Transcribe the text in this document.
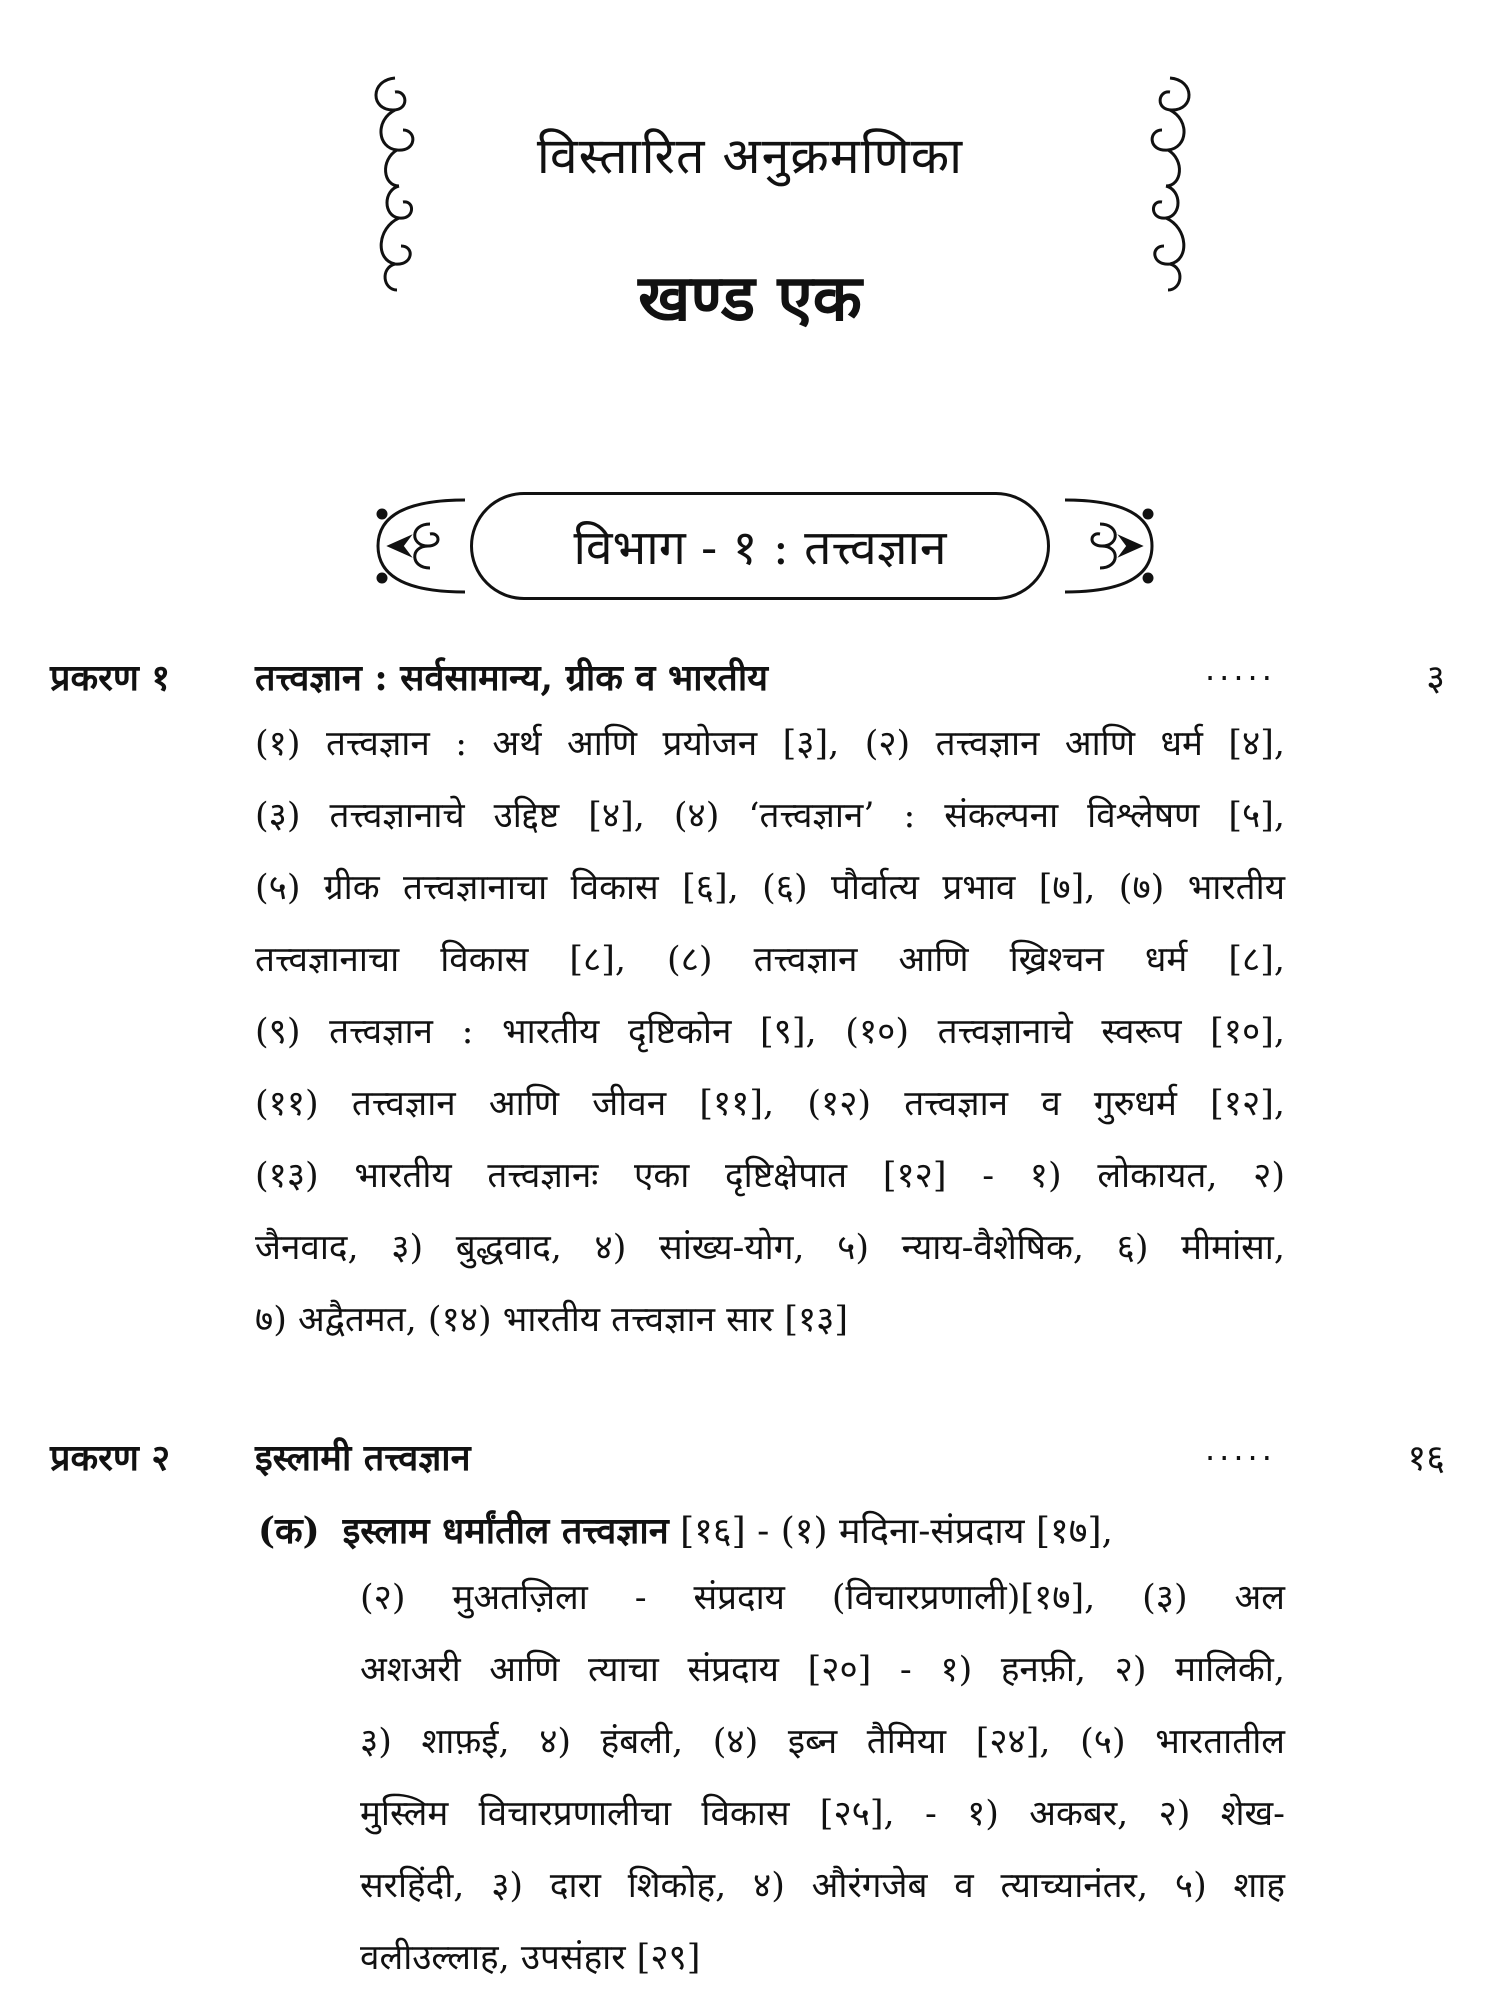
विस्तारित अनुक्रमणिका
खण्ड एक
विभाग - १ : तत्त्वज्ञान
प्रकरण १ तत्त्वज्ञान : सर्वसामान्य, ग्रीक व भारतीय	.....	३
(१) तत्त्वज्ञान : अर्थ आणि प्रयोजन [३], (२) तत्त्वज्ञान आणि धर्म [४],
(३) तत्त्वज्ञानाचे उद्दिष्ट [४], (४) ‘तत्त्वज्ञान’ : संकल्पना विश्लेषण [५],
(५) ग्रीक तत्त्वज्ञानाचा विकास [६], (६) पौर्वात्य प्रभाव [७], (७) भारतीय
तत्त्वज्ञानाचा विकास [८], (८) तत्त्वज्ञान आणि ख्रिश्चन धर्म [८],
(९) तत्त्वज्ञान : भारतीय दृष्टिकोन [९], (१०) तत्त्वज्ञानाचे स्वरूप [१०],
(११) तत्त्वज्ञान आणि जीवन [११], (१२) तत्त्वज्ञान व गुरुधर्म [१२],
(१३) भारतीय तत्त्वज्ञानः एका दृष्टिक्षेपात [१२] - १) लोकायत, २)
जैनवाद, ३) बुद्धवाद, ४) सांख्य-योग, ५) न्याय-वैशेषिक, ६) मीमांसा,
७) अद्वैतमत, (१४) भारतीय तत्त्वज्ञान सार [१३]
प्रकरण २ इस्लामी तत्त्वज्ञान	.....	१६
(क) इस्लाम धर्मांतील तत्त्वज्ञान [१६] - (१) मदिना-संप्रदाय [१७],
(२) मुअतज़िला - संप्रदाय (विचारप्रणाली)[१७], (३) अल
अशअरी आणि त्याचा संप्रदाय [२०] - १) हनफ़ी, २) मालिकी,
३) शाफ़ई, ४) हंबली, (४) इब्न तैमिया [२४], (५) भारतातील
मुस्लिम विचारप्रणालीचा विकास [२५], - १) अकबर, २) शेख-
सरहिंदी, ३) दारा शिकोह, ४) औरंगजेब व त्याच्यानंतर, ५) शाह
वलीउल्लाह, उपसंहार [२९]
